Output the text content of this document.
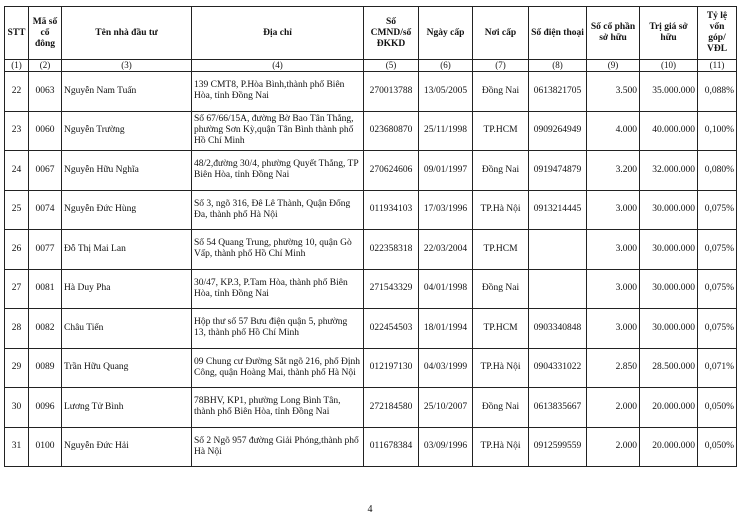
STT	Mã số cổ đông	Tên nhà đầu tư	Địa chỉ	Số CMND/số ĐKKD	Ngày cấp	Nơi cấp	Số điện thoại	Số cổ phần sở hữu	Trị giá sở hữu	Tỷ lệ vốn góp/ VĐL
(1)	(2)	(3)	(4)	(5)	(6)	(7)	(8)	(9)	(10)	(11)
22	0063	Nguyễn Nam Tuấn	139 CMT8, P.Hòa Bình,thành phố Biên Hòa, tỉnh Đồng Nai	270013788	13/05/2005	Đồng Nai	0613821705	3.500	35.000.000	0,088%
23	0060	Nguyễn Trường	Số 67/66/15A, đường Bờ Bao Tân Thắng, phường Sơn Kỳ,quận Tân Bình thành phố Hồ Chí Minh	023680870	25/11/1998	TP.HCM	0909264949	4.000	40.000.000	0,100%
24	0067	Nguyễn Hữu Nghĩa	48/2,đường 30/4, phường Quyết Thắng, TP Biên Hòa, tỉnh Đồng Nai	270624606	09/01/1997	Đồng Nai	0919474879	3.200	32.000.000	0,080%
25	0074	Nguyễn Đức Hùng	Số 3, ngõ 316, Đê Lê Thành, Quận Đống Đa, thành phố Hà Nội	011934103	17/03/1996	TP.Hà Nội	0913214445	3.000	30.000.000	0,075%
26	0077	Đỗ Thị Mai Lan	Số 54 Quang Trung, phường 10, quận Gò Vấp, thành phố Hồ Chí Minh	022358318	22/03/2004	TP.HCM		3.000	30.000.000	0,075%
27	0081	Hà Duy Pha	30/47, KP.3, P.Tam Hòa, thành phố Biên Hòa, tỉnh Đồng Nai	271543329	04/01/1998	Đồng Nai		3.000	30.000.000	0,075%
28	0082	Châu Tiến	Hộp thư số 57 Bưu điện quận 5, phường 13, thành phố Hồ Chí Minh	022454503	18/01/1994	TP.HCM	0903340848	3.000	30.000.000	0,075%
29	0089	Trần Hữu Quang	09 Chung cư Đường Sắt ngõ 216, phố Định Công, quận Hoàng Mai, thành phố Hà Nội	012197130	04/03/1999	TP.Hà Nội	0904331022	2.850	28.500.000	0,071%
30	0096	Lương Tử Bình	78BHV, KP1, phường Long Bình Tân, thành phố Biên Hòa, tỉnh Đồng Nai	272184580	25/10/2007	Đồng Nai	0613835667	2.000	20.000.000	0,050%
31	0100	Nguyễn Đức Hải	Số 2 Ngõ 957 đường Giải Phóng,thành phố Hà Nội	011678384	03/09/1996	TP.Hà Nội	0912599559	2.000	20.000.000	0,050%
4
